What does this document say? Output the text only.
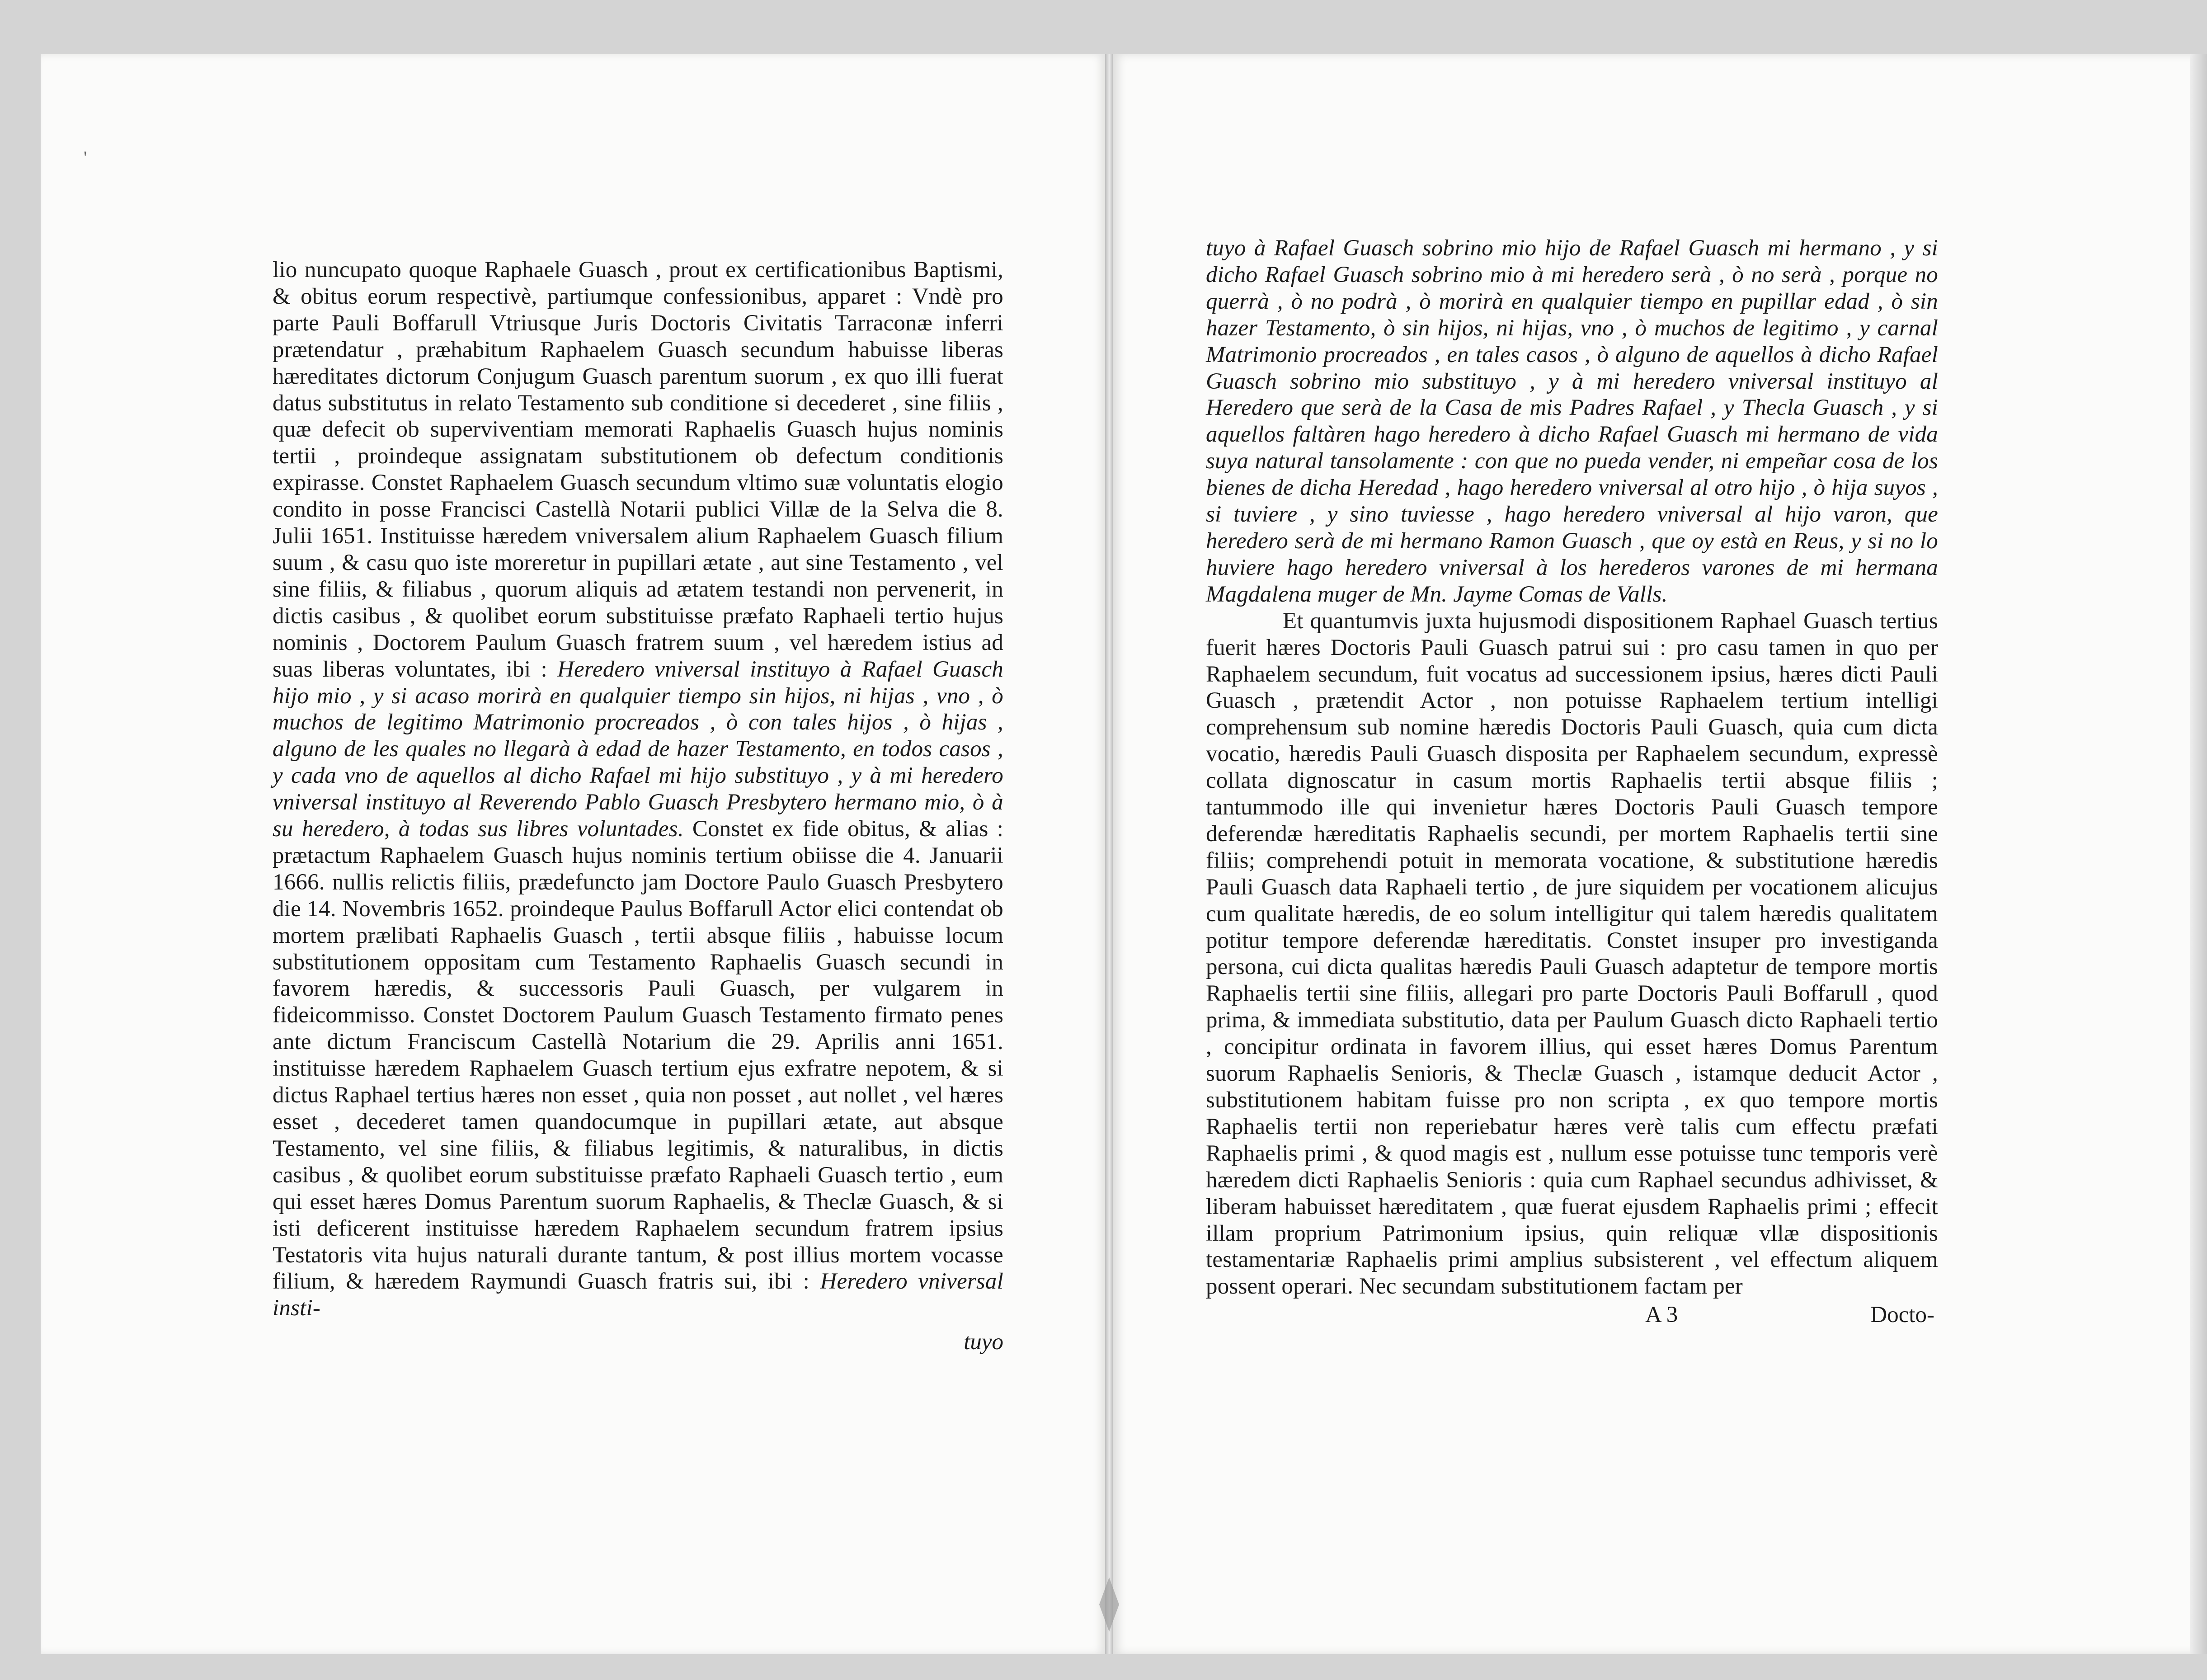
'

lio nuncupato quoque Raphaele Guasch , prout ex certificationibus Baptismi, & obitus eorum respectivè, partiumque confessionibus, apparet : Vndè pro parte Pauli Boffarull Vtriusque Juris Doctoris Civitatis Tarraconæ inferri prætendatur , præhabitum Raphaelem Guasch secundum habuisse liberas hæreditates dictorum Conjugum Guasch parentum suorum , ex quo illi fuerat datus substitutus in relato Testamento sub conditione si decederet , sine filiis , quæ defecit ob superviventiam memorati Raphaelis Guasch hujus nominis tertii , proindeque assignatam substitutionem ob defectum conditionis expirasse. Constet Raphaelem Guasch secundum vltimo suæ voluntatis elogio condito in posse Francisci Castellà Notarii publici Villæ de la Selva die 8. Julii 1651. Instituisse hæredem vniversalem alium Raphaelem Guasch filium suum , & casu quo iste moreretur in pupillari ætate , aut sine Testamento , vel sine filiis, & filiabus , quorum aliquis ad ætatem testandi non pervenerit, in dictis casibus , & quolibet eorum substituisse præfato Raphaeli tertio hujus nominis , Doctorem Paulum Guasch fratrem suum , vel hæredem istius ad suas liberas voluntates, ibi : Heredero vniversal instituyo à Rafael Guasch hijo mio , y si acaso morirà en qualquier tiempo sin hijos, ni hijas , vno , ò muchos de legitimo Matrimonio procreados , ò con tales hijos , ò hijas , alguno de les quales no llegarà à edad de hazer Testamento, en todos casos , y cada vno de aquellos al dicho Rafael mi hijo substituyo , y à mi heredero vniversal instituyo al Reverendo Pablo Guasch Presbytero hermano mio, ò à su heredero, à todas sus libres voluntades. Constet ex fide obitus, & alias : prætactum Raphaelem Guasch hujus nominis tertium obiisse die 4. Januarii 1666. nullis relictis filiis, prædefuncto jam Doctore Paulo Guasch Presbytero die 14. Novembris 1652. proindeque Paulus Boffarull Actor elici contendat ob mortem prælibati Raphaelis Guasch , tertii absque filiis , habuisse locum substitutionem oppositam cum Testamento Raphaelis Guasch secundi in favorem hæredis, & successoris Pauli Guasch, per vulgarem in fideicommisso. Constet Doctorem Paulum Guasch Testamento firmato penes ante dictum Franciscum Castellà Notarium die 29. Aprilis anni 1651. instituisse hæredem Raphaelem Guasch tertium ejus exfratre nepotem, & si dictus Raphael tertius hæres non esset , quia non posset , aut nollet , vel hæres esset , decederet tamen quandocumque in pupillari ætate, aut absque Testamento, vel sine filiis, & filiabus legitimis, & naturalibus, in dictis casibus , & quolibet eorum substituisse præfato Raphaeli Guasch tertio , eum qui esset hæres Domus Parentum suorum Raphaelis, & Theclæ Guasch, & si isti deficerent instituisse hæredem Raphaelem secundum fratrem ipsius Testatoris vita hujus naturali durante tantum, & post illius mortem vocasse filium, & hæredem Raymundi Guasch fratris sui, ibi : Heredero vniversal insti-

tuyo

tuyo à Rafael Guasch sobrino mio hijo de Rafael Guasch mi hermano , y si dicho Rafael Guasch sobrino mio à mi heredero serà , ò no serà , porque no querrà , ò no podrà , ò morirà en qualquier tiempo en pupillar edad , ò sin hazer Testamento, ò sin hijos, ni hijas, vno , ò muchos de legitimo , y carnal Matrimonio procreados , en tales casos , ò alguno de aquellos à dicho Rafael Guasch sobrino mio substituyo , y à mi heredero vniversal instituyo al Heredero que serà de la Casa de mis Padres Rafael , y Thecla Guasch , y si aquellos faltàren hago heredero à dicho Rafael Guasch mi hermano de vida suya natural tansolamente : con que no pueda vender, ni empeñar cosa de los bienes de dicha Heredad , hago heredero vniversal al otro hijo , ò hija suyos , si tuviere , y sino tuviesse , hago heredero vniversal al hijo varon, que heredero serà de mi hermano Ramon Guasch , que oy està en Reus, y si no lo huviere hago heredero vniversal à los herederos varones de mi hermana Magdalena muger de Mn. Jayme Comas de Valls.

Et quantumvis juxta hujusmodi dispositionem Raphael Guasch tertius fuerit hæres Doctoris Pauli Guasch patrui sui : pro casu tamen in quo per Raphaelem secundum, fuit vocatus ad successionem ipsius, hæres dicti Pauli Guasch , prætendit Actor , non potuisse Raphaelem tertium intelligi comprehensum sub nomine hæredis Doctoris Pauli Guasch, quia cum dicta vocatio, hæredis Pauli Guasch disposita per Raphaelem secundum, expressè collata dignoscatur in casum mortis Raphaelis tertii absque filiis ; tantummodo ille qui invenietur hæres Doctoris Pauli Guasch tempore deferendæ hæreditatis Raphaelis secundi, per mortem Raphaelis tertii sine filiis; comprehendi potuit in memorata vocatione, & substitutione hæredis Pauli Guasch data Raphaeli tertio , de jure siquidem per vocationem alicujus cum qualitate hæredis, de eo solum intelligitur qui talem hæredis qualitatem potitur tempore deferendæ hæreditatis. Constet insuper pro investiganda persona, cui dicta qualitas hæredis Pauli Guasch adaptetur de tempore mortis Raphaelis tertii sine filiis, allegari pro parte Doctoris Pauli Boffarull , quod prima, & immediata substitutio, data per Paulum Guasch dicto Raphaeli tertio , concipitur ordinata in favorem illius, qui esset hæres Domus Parentum suorum Raphaelis Senioris, & Theclæ Guasch , istamque deducit Actor , substitutionem habitam fuisse pro non scripta , ex quo tempore mortis Raphaelis tertii non reperiebatur hæres verè talis cum effectu præfati Raphaelis primi , & quod magis est , nullum esse potuisse tunc temporis verè hæredem dicti Raphaelis Senioris : quia cum Raphael secundus adhivisset, & liberam habuisset hæreditatem , quæ fuerat ejusdem Raphaelis primi ; effecit illam proprium Patrimonium ipsius, quin reliquæ vllæ dispositionis testamentariæ Raphaelis primi amplius subsisterent , vel effectum aliquem possent operari. Nec secundam substitutionem factam per

A 3	Docto-
